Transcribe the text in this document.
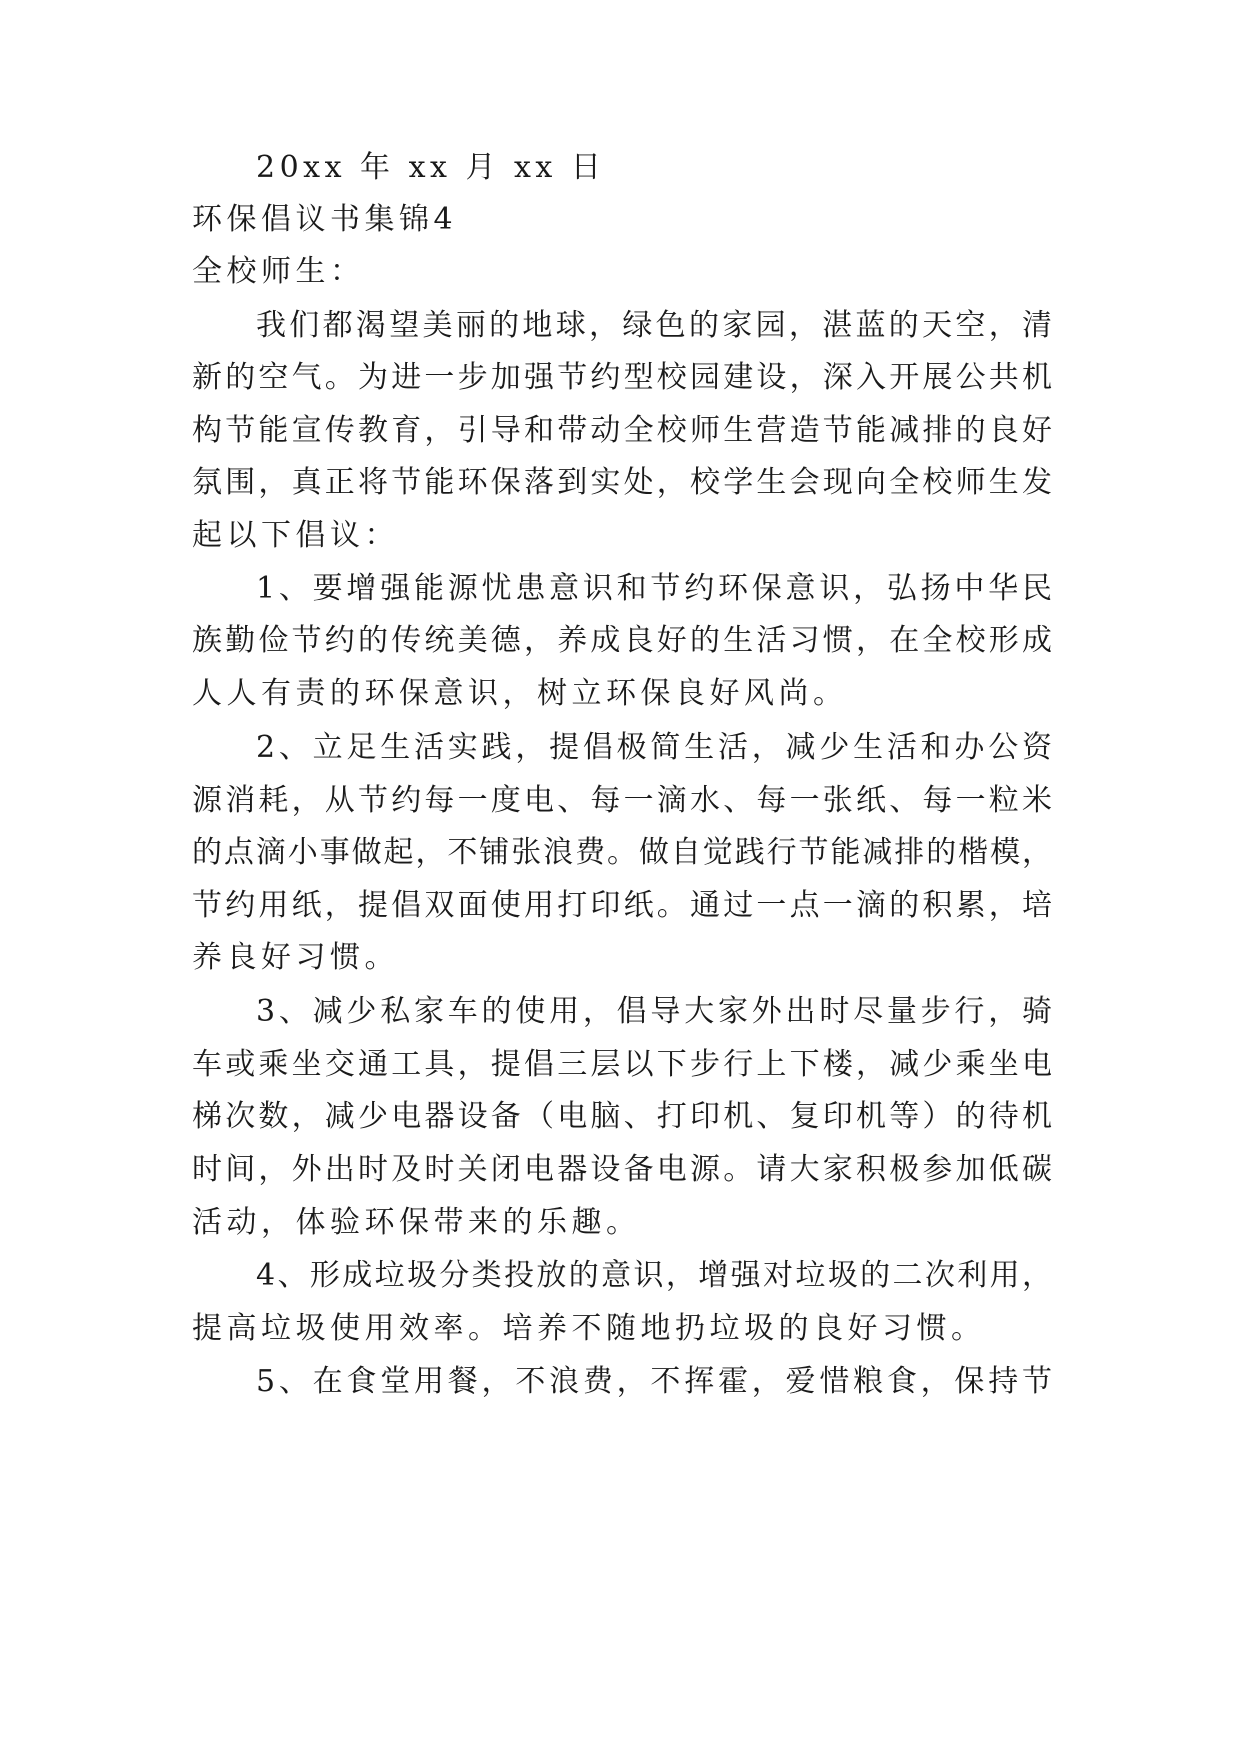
20xx 年 xx 月 xx 日
环保倡议书集锦4
全校师生：
我们都渴望美丽的地球，绿色的家园，湛蓝的天空，清
新的空气。为进一步加强节约型校园建设，深入开展公共机
构节能宣传教育，引导和带动全校师生营造节能减排的良好
氛围，真正将节能环保落到实处，校学生会现向全校师生发
起以下倡议：
1、要增强能源忧患意识和节约环保意识，弘扬中华民
族勤俭节约的传统美德，养成良好的生活习惯，在全校形成
人人有责的环保意识，树立环保良好风尚。
2、立足生活实践，提倡极简生活，减少生活和办公资
源消耗，从节约每一度电、每一滴水、每一张纸、每一粒米
的点滴小事做起，不铺张浪费。做自觉践行节能减排的楷模，
节约用纸，提倡双面使用打印纸。通过一点一滴的积累，培
养良好习惯。
3、减少私家车的使用，倡导大家外出时尽量步行，骑
车或乘坐交通工具，提倡三层以下步行上下楼，减少乘坐电
梯次数，减少电器设备（电脑、打印机、复印机等）的待机
时间，外出时及时关闭电器设备电源。请大家积极参加低碳
活动，体验环保带来的乐趣。
4、形成垃圾分类投放的意识，增强对垃圾的二次利用，
提高垃圾使用效率。培养不随地扔垃圾的良好习惯。
5、在食堂用餐，不浪费，不挥霍，爱惜粮食，保持节
